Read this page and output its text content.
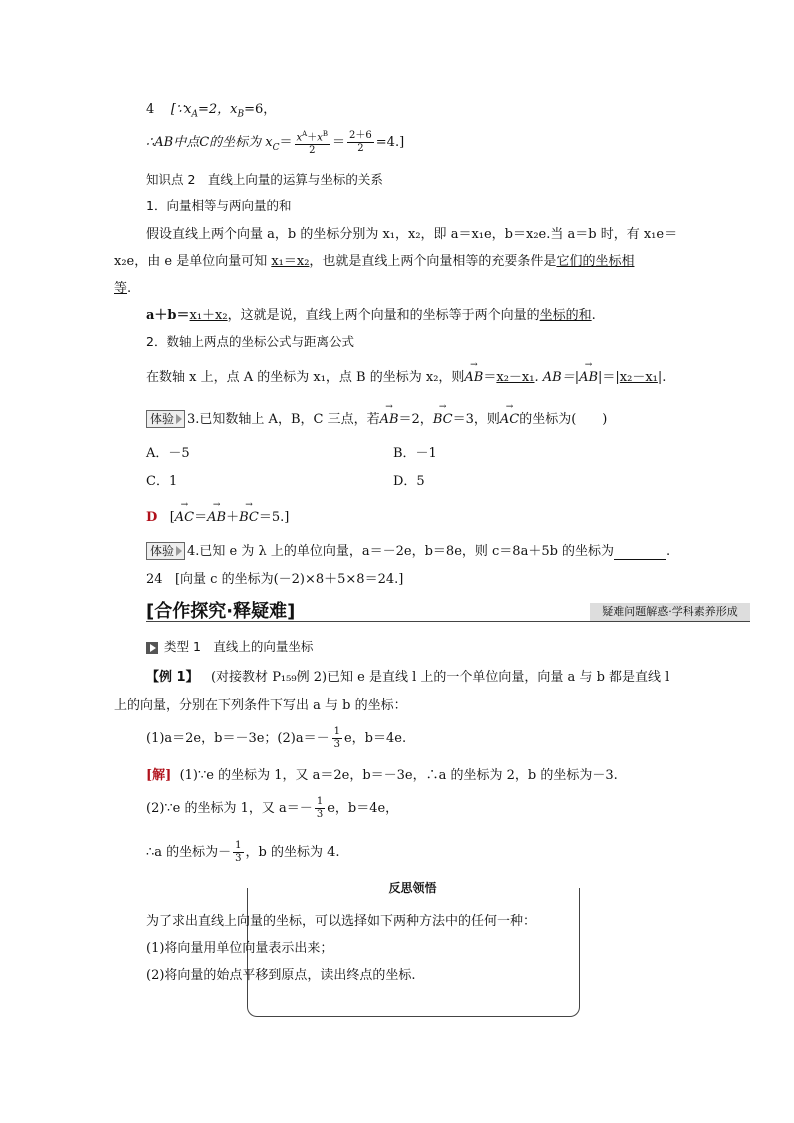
4 [$\because x_A=2$，$x_B=6$，
∴AB中点C的坐标为 $x_C= \frac{x^A+x^B}{2} = \frac{2+6}{2} =4$.]
知识点 2　直线上向量的运算与坐标的关系
1．向量相等与两向量的和
假设直线上两个向量 a，b 的坐标分别为 x₁，x₂，即 a＝x₁e，b＝x₂e.当 a＝b 时，有 x₁e＝
x₂e，由 e 是单位向量可知 x₁＝x₂，也就是直线上两个向量相等的充要条件是它们的坐标相
等.
a＋b＝x₁＋x₂，这就是说，直线上两个向量和的坐标等于两个向量的坐标的和.
2．数轴上两点的坐标公式与距离公式
在数轴 x 上，点 A 的坐标为 x₁，点 B 的坐标为 x₂，则→ AB＝x₂－x₁. AB＝|→ AB|＝|x₂－x₁|.
体验 3.已知数轴上 A，B，C 三点，若→ AB＝2，→ BC＝3，则→ AC的坐标为(　　)
A．－5	B．－1
C．1	D．5
D [→ AC＝→ AB＋→ BC＝5.]
体验 4.已知 e 为 λ 上的单位向量，a＝－2e，b＝8e，则 c＝8a＋5b 的坐标为	.
24 [向量 c 的坐标为(－2)×8＋5×8＝24.]
[合作探究·释疑难]	疑难问题解惑·学科素养形成
类型 1　直线上的向量坐标
【例 1】 (对接教材 P₁₅₉例 2)已知 e 是直线 l 上的一个单位向量，向量 a 与 b 都是直线 l
上的向量，分别在下列条件下写出 a 与 b 的坐标：
(1)a＝2e，b＝－3e；$(2)a=- \frac{1}{3}$ e，b＝4e.
[解] (1)∵e 的坐标为 1，又 a＝2e，b＝－3e，∴a 的坐标为 2，b 的坐标为－3.
(2)∵e 的坐标为 1，又 $a=- \frac{1}{3}$ e，b＝4e，
∴a 的坐标为－ $\frac{1}{3}$ ，b 的坐标为 4.
反思领悟
为了求出直线上向量的坐标，可以选择如下两种方法中的任何一种：
(1)将向量用单位向量表示出来；
(2)将向量的始点平移到原点，读出终点的坐标.
